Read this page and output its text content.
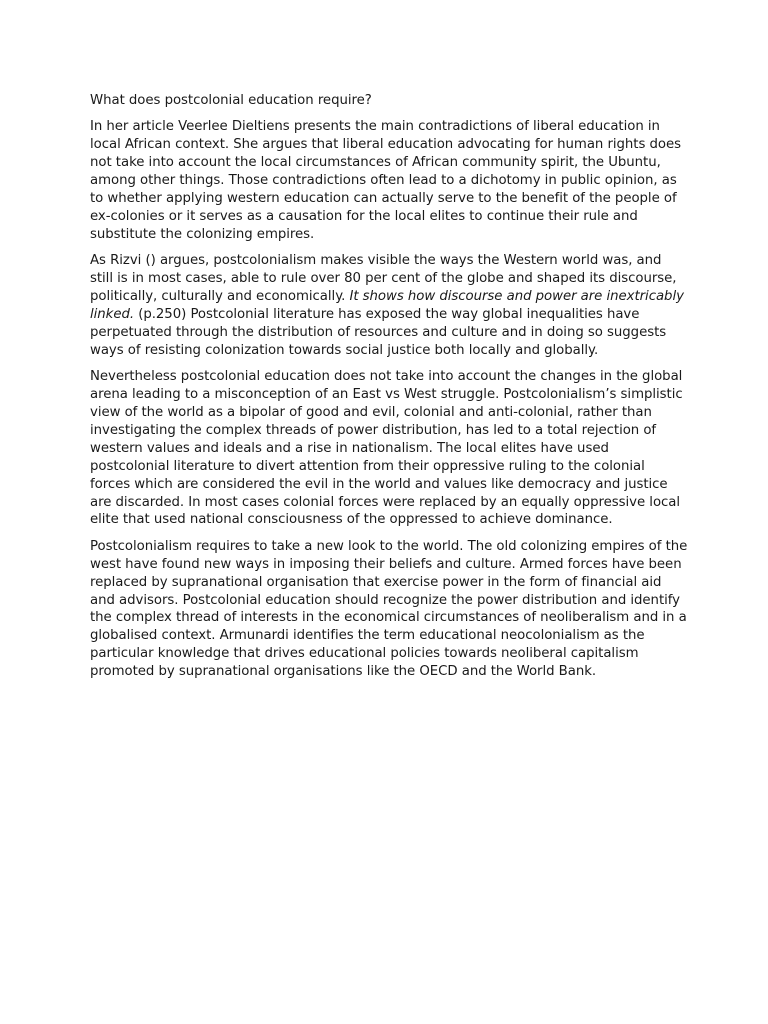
What does postcolonial education require?

In her article Veerlee Dieltiens presents the main contradictions of liberal education in local African context. She argues that liberal education advocating for human rights does not take into account the local circumstances of African community spirit, the Ubuntu, among other things. Those contradictions often lead to a dichotomy in public opinion, as to whether applying western education can actually serve to the benefit of the people of ex-colonies or it serves as a causation for the local elites to continue their rule and substitute the colonizing empires.

As Rizvi () argues, postcolonialism makes visible the ways the Western world was, and still is in most cases, able to rule over 80 per cent of the globe and shaped its discourse, politically, culturally and economically. It shows how discourse and power are inextricably linked. (p.250) Postcolonial literature has exposed the way global inequalities have perpetuated through the distribution of resources and culture and in doing so suggests ways of resisting colonization towards social justice both locally and globally.

Nevertheless postcolonial education does not take into account the changes in the global arena leading to a misconception of an East vs West struggle. Postcolonialism’s simplistic view of the world as a bipolar of good and evil, colonial and anti-colonial, rather than investigating the complex threads of power distribution, has led to a total rejection of western values and ideals and a rise in nationalism. The local elites have used postcolonial literature to divert attention from their oppressive ruling to the colonial forces which are considered the evil in the world and values like democracy and justice are discarded. In most cases colonial forces were replaced by an equally oppressive local elite that used national consciousness of the oppressed to achieve dominance.

Postcolonialism requires to take a new look to the world. The old colonizing empires of the west have found new ways in imposing their beliefs and culture. Armed forces have been replaced by supranational organisation that exercise power in the form of financial aid and advisors. Postcolonial education should recognize the power distribution and identify the complex thread of interests in the economical circumstances of neoliberalism and in a globalised context. Armunardi identifies the term educational neocolonialism as the particular knowledge that drives educational policies towards neoliberal capitalism promoted by supranational organisations like the OECD and the World Bank.
